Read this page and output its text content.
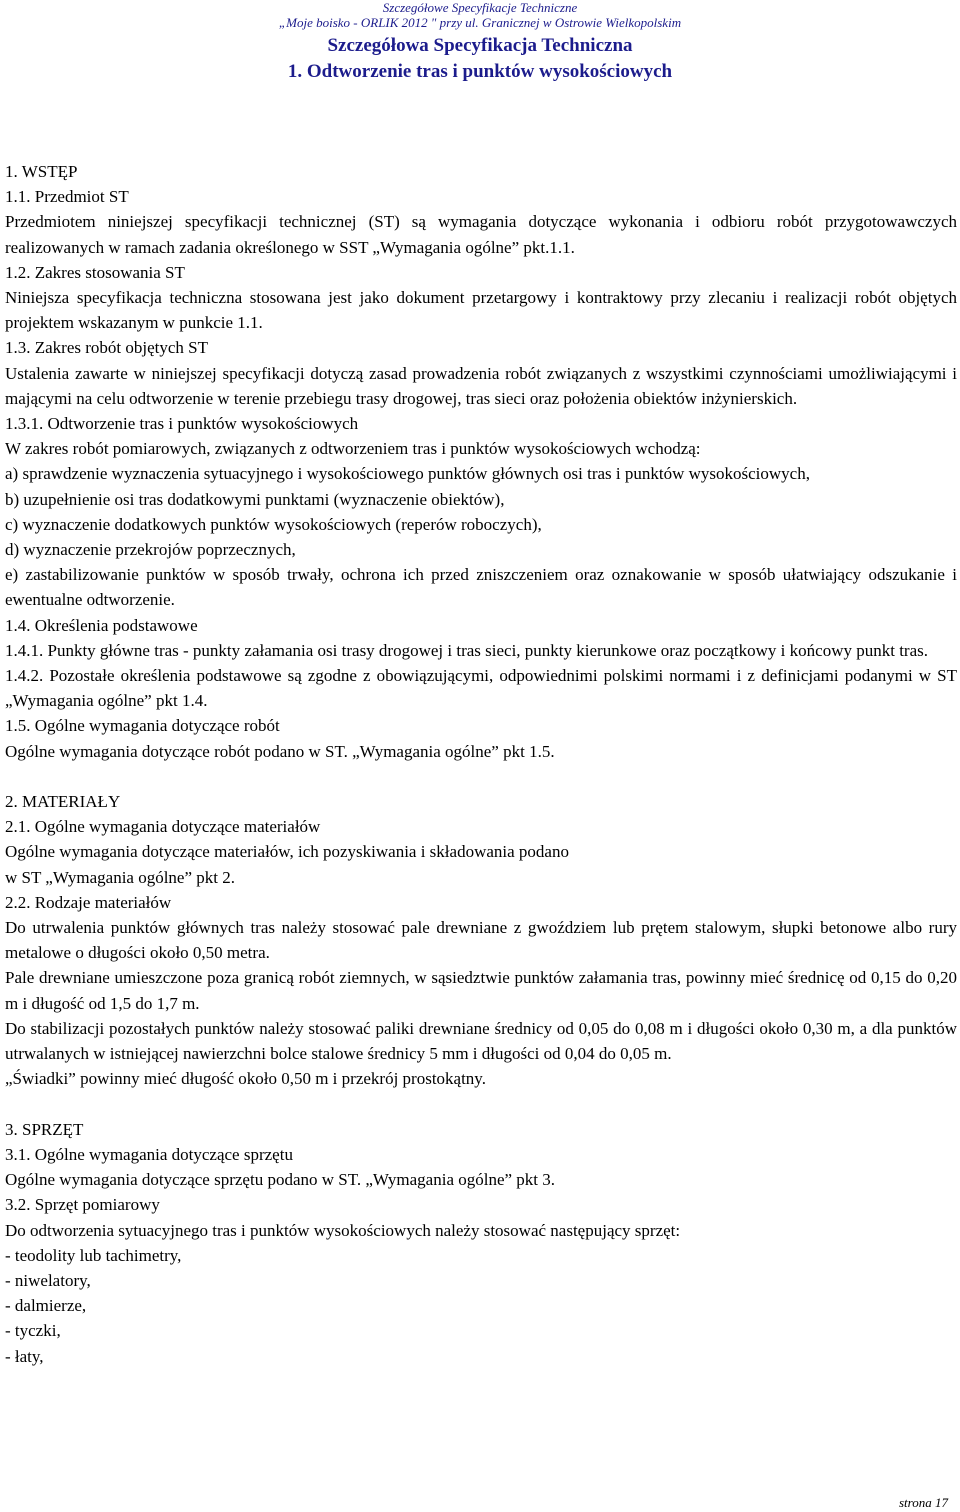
Szczegółowe Specyfikacje Techniczne
„Moje boisko - ORLIK 2012 " przy ul. Granicznej w Ostrowie Wielkopolskim
Szczegółowa Specyfikacja Techniczna
1. Odtworzenie tras i punktów wysokościowych

1. WSTĘP

1.1. Przedmiot ST

Przedmiotem niniejszej specyfikacji technicznej (ST) są wymagania dotyczące wykonania i odbioru robót przygotowawczych realizowanych w ramach zadania określonego w SST „Wymagania ogólne” pkt.1.1.

1.2. Zakres stosowania ST

Niniejsza specyfikacja techniczna stosowana jest jako dokument przetargowy i kontraktowy przy zlecaniu i realizacji robót objętych projektem wskazanym w punkcie 1.1.

1.3. Zakres robót objętych ST

Ustalenia zawarte w niniejszej specyfikacji dotyczą zasad prowadzenia robót związanych z wszystkimi czynnościami umożliwiającymi i mającymi na celu odtworzenie w terenie przebiegu trasy drogowej, tras sieci oraz położenia obiektów inżynierskich.

1.3.1. Odtworzenie tras i punktów wysokościowych

W zakres robót pomiarowych, związanych z odtworzeniem tras i punktów wysokościowych wchodzą:

a) sprawdzenie wyznaczenia sytuacyjnego i wysokościowego punktów głównych osi tras i punktów wysokościowych,

b) uzupełnienie osi tras dodatkowymi punktami (wyznaczenie obiektów),

c) wyznaczenie dodatkowych punktów wysokościowych (reperów roboczych),

d) wyznaczenie przekrojów poprzecznych,

e) zastabilizowanie punktów w sposób trwały, ochrona ich przed zniszczeniem oraz oznakowanie w sposób ułatwiający odszukanie i ewentualne odtworzenie.

1.4. Określenia podstawowe

1.4.1. Punkty główne tras - punkty załamania osi trasy drogowej i tras sieci, punkty kierunkowe oraz początkowy i końcowy punkt tras.

1.4.2. Pozostałe określenia podstawowe są zgodne z obowiązującymi, odpowiednimi polskimi normami i z definicjami podanymi w ST „Wymagania ogólne” pkt 1.4.

1.5. Ogólne wymagania dotyczące robót

Ogólne wymagania dotyczące robót podano w ST. „Wymagania ogólne” pkt 1.5.

2. MATERIAŁY

2.1. Ogólne wymagania dotyczące materiałów

Ogólne wymagania dotyczące materiałów, ich pozyskiwania i składowania podano

w ST „Wymagania ogólne” pkt 2.

2.2. Rodzaje materiałów

Do utrwalenia punktów głównych tras należy stosować pale drewniane z gwoździem lub prętem stalowym, słupki betonowe albo rury metalowe o długości około 0,50 metra.

Pale drewniane umieszczone poza granicą robót ziemnych, w sąsiedztwie punktów załamania tras, powinny mieć średnicę od 0,15 do 0,20 m i długość od 1,5 do 1,7 m.

Do stabilizacji pozostałych punktów należy stosować paliki drewniane średnicy od 0,05 do 0,08 m i długości około 0,30 m, a dla punktów utrwalanych w istniejącej nawierzchni bolce stalowe średnicy 5 mm i długości od 0,04 do 0,05 m.

„Świadki” powinny mieć długość około 0,50 m i przekrój prostokątny.

3. SPRZĘT

3.1. Ogólne wymagania dotyczące sprzętu

Ogólne wymagania dotyczące sprzętu podano w ST. „Wymagania ogólne” pkt 3.

3.2. Sprzęt pomiarowy

Do odtworzenia sytuacyjnego tras i punktów wysokościowych należy stosować następujący sprzęt:

- teodolity lub tachimetry,

- niwelatory,

- dalmierze,

- tyczki,

- łaty,

strona 17
